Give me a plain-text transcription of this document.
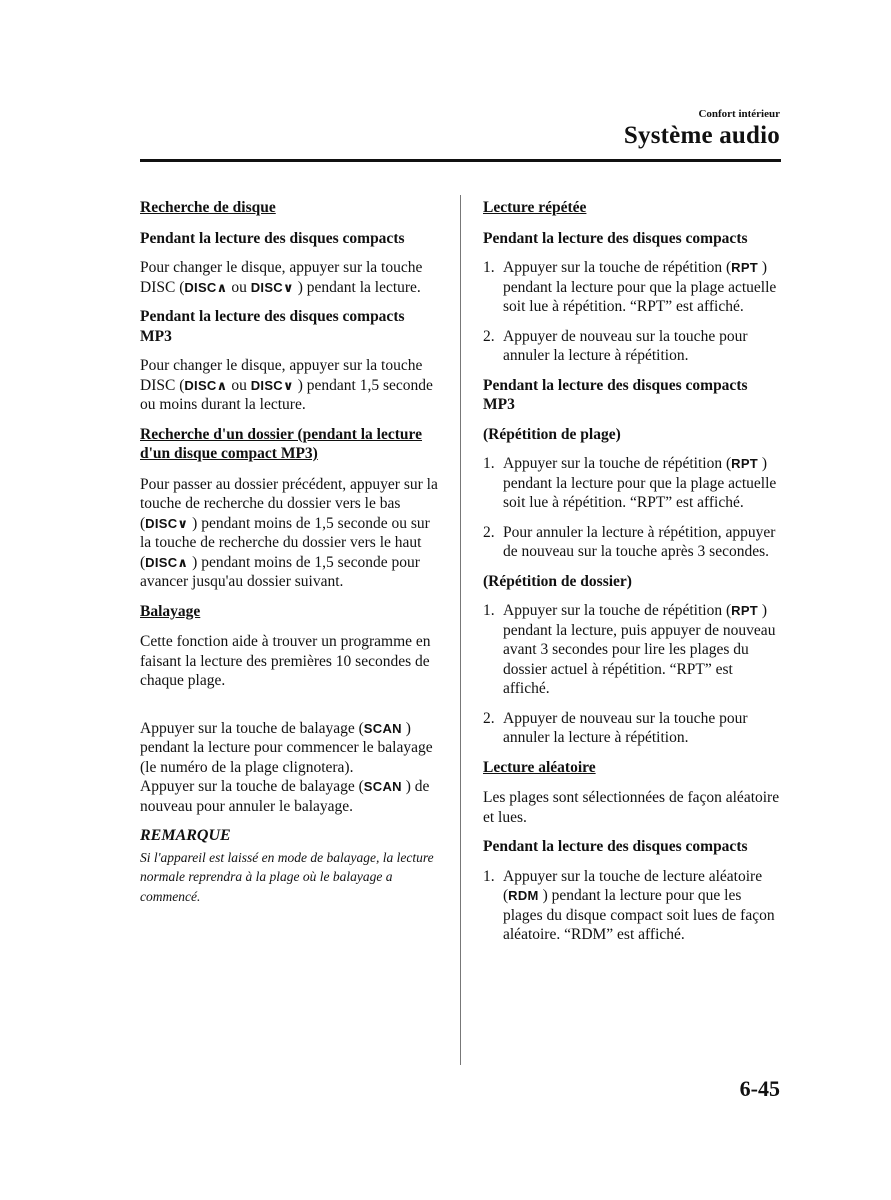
Confort intérieur
Système audio
Recherche de disque
Pendant la lecture des disques compacts
Pour changer le disque, appuyer sur la touche DISC (DISC∧ ou DISC∨ ) pendant la lecture.
Pendant la lecture des disques compacts MP3
Pour changer le disque, appuyer sur la touche DISC (DISC∧ ou DISC∨ ) pendant 1,5 seconde ou moins durant la lecture.
Recherche d'un dossier (pendant la lecture d'un disque compact MP3)
Pour passer au dossier précédent, appuyer sur la touche de recherche du dossier vers le bas (DISC∨ ) pendant moins de 1,5 seconde ou sur la touche de recherche du dossier vers le haut (DISC∧ ) pendant moins de 1,5 seconde pour avancer jusqu'au dossier suivant.
Balayage
Cette fonction aide à trouver un programme en faisant la lecture des premières 10 secondes de chaque plage.
Appuyer sur la touche de balayage (SCAN ) pendant la lecture pour commencer le balayage (le numéro de la plage clignotera).
Appuyer sur la touche de balayage (SCAN ) de nouveau pour annuler le balayage.
REMARQUE
Si l'appareil est laissé en mode de balayage, la lecture normale reprendra à la plage où le balayage a commencé.
Lecture répétée
Pendant la lecture des disques compacts
1. Appuyer sur la touche de répétition (RPT ) pendant la lecture pour que la plage actuelle soit lue à répétition. “RPT” est affiché.
2. Appuyer de nouveau sur la touche pour annuler la lecture à répétition.
Pendant la lecture des disques compacts MP3
(Répétition de plage)
1. Appuyer sur la touche de répétition (RPT ) pendant la lecture pour que la plage actuelle soit lue à répétition. “RPT” est affiché.
2. Pour annuler la lecture à répétition, appuyer de nouveau sur la touche après 3 secondes.
(Répétition de dossier)
1. Appuyer sur la touche de répétition (RPT ) pendant la lecture, puis appuyer de nouveau avant 3 secondes pour lire les plages du dossier actuel à répétition. “RPT” est affiché.
2. Appuyer de nouveau sur la touche pour annuler la lecture à répétition.
Lecture aléatoire
Les plages sont sélectionnées de façon aléatoire et lues.
Pendant la lecture des disques compacts
1. Appuyer sur la touche de lecture aléatoire (RDM ) pendant la lecture pour que les plages du disque compact soit lues de façon aléatoire. “RDM” est affiché.
6-45
